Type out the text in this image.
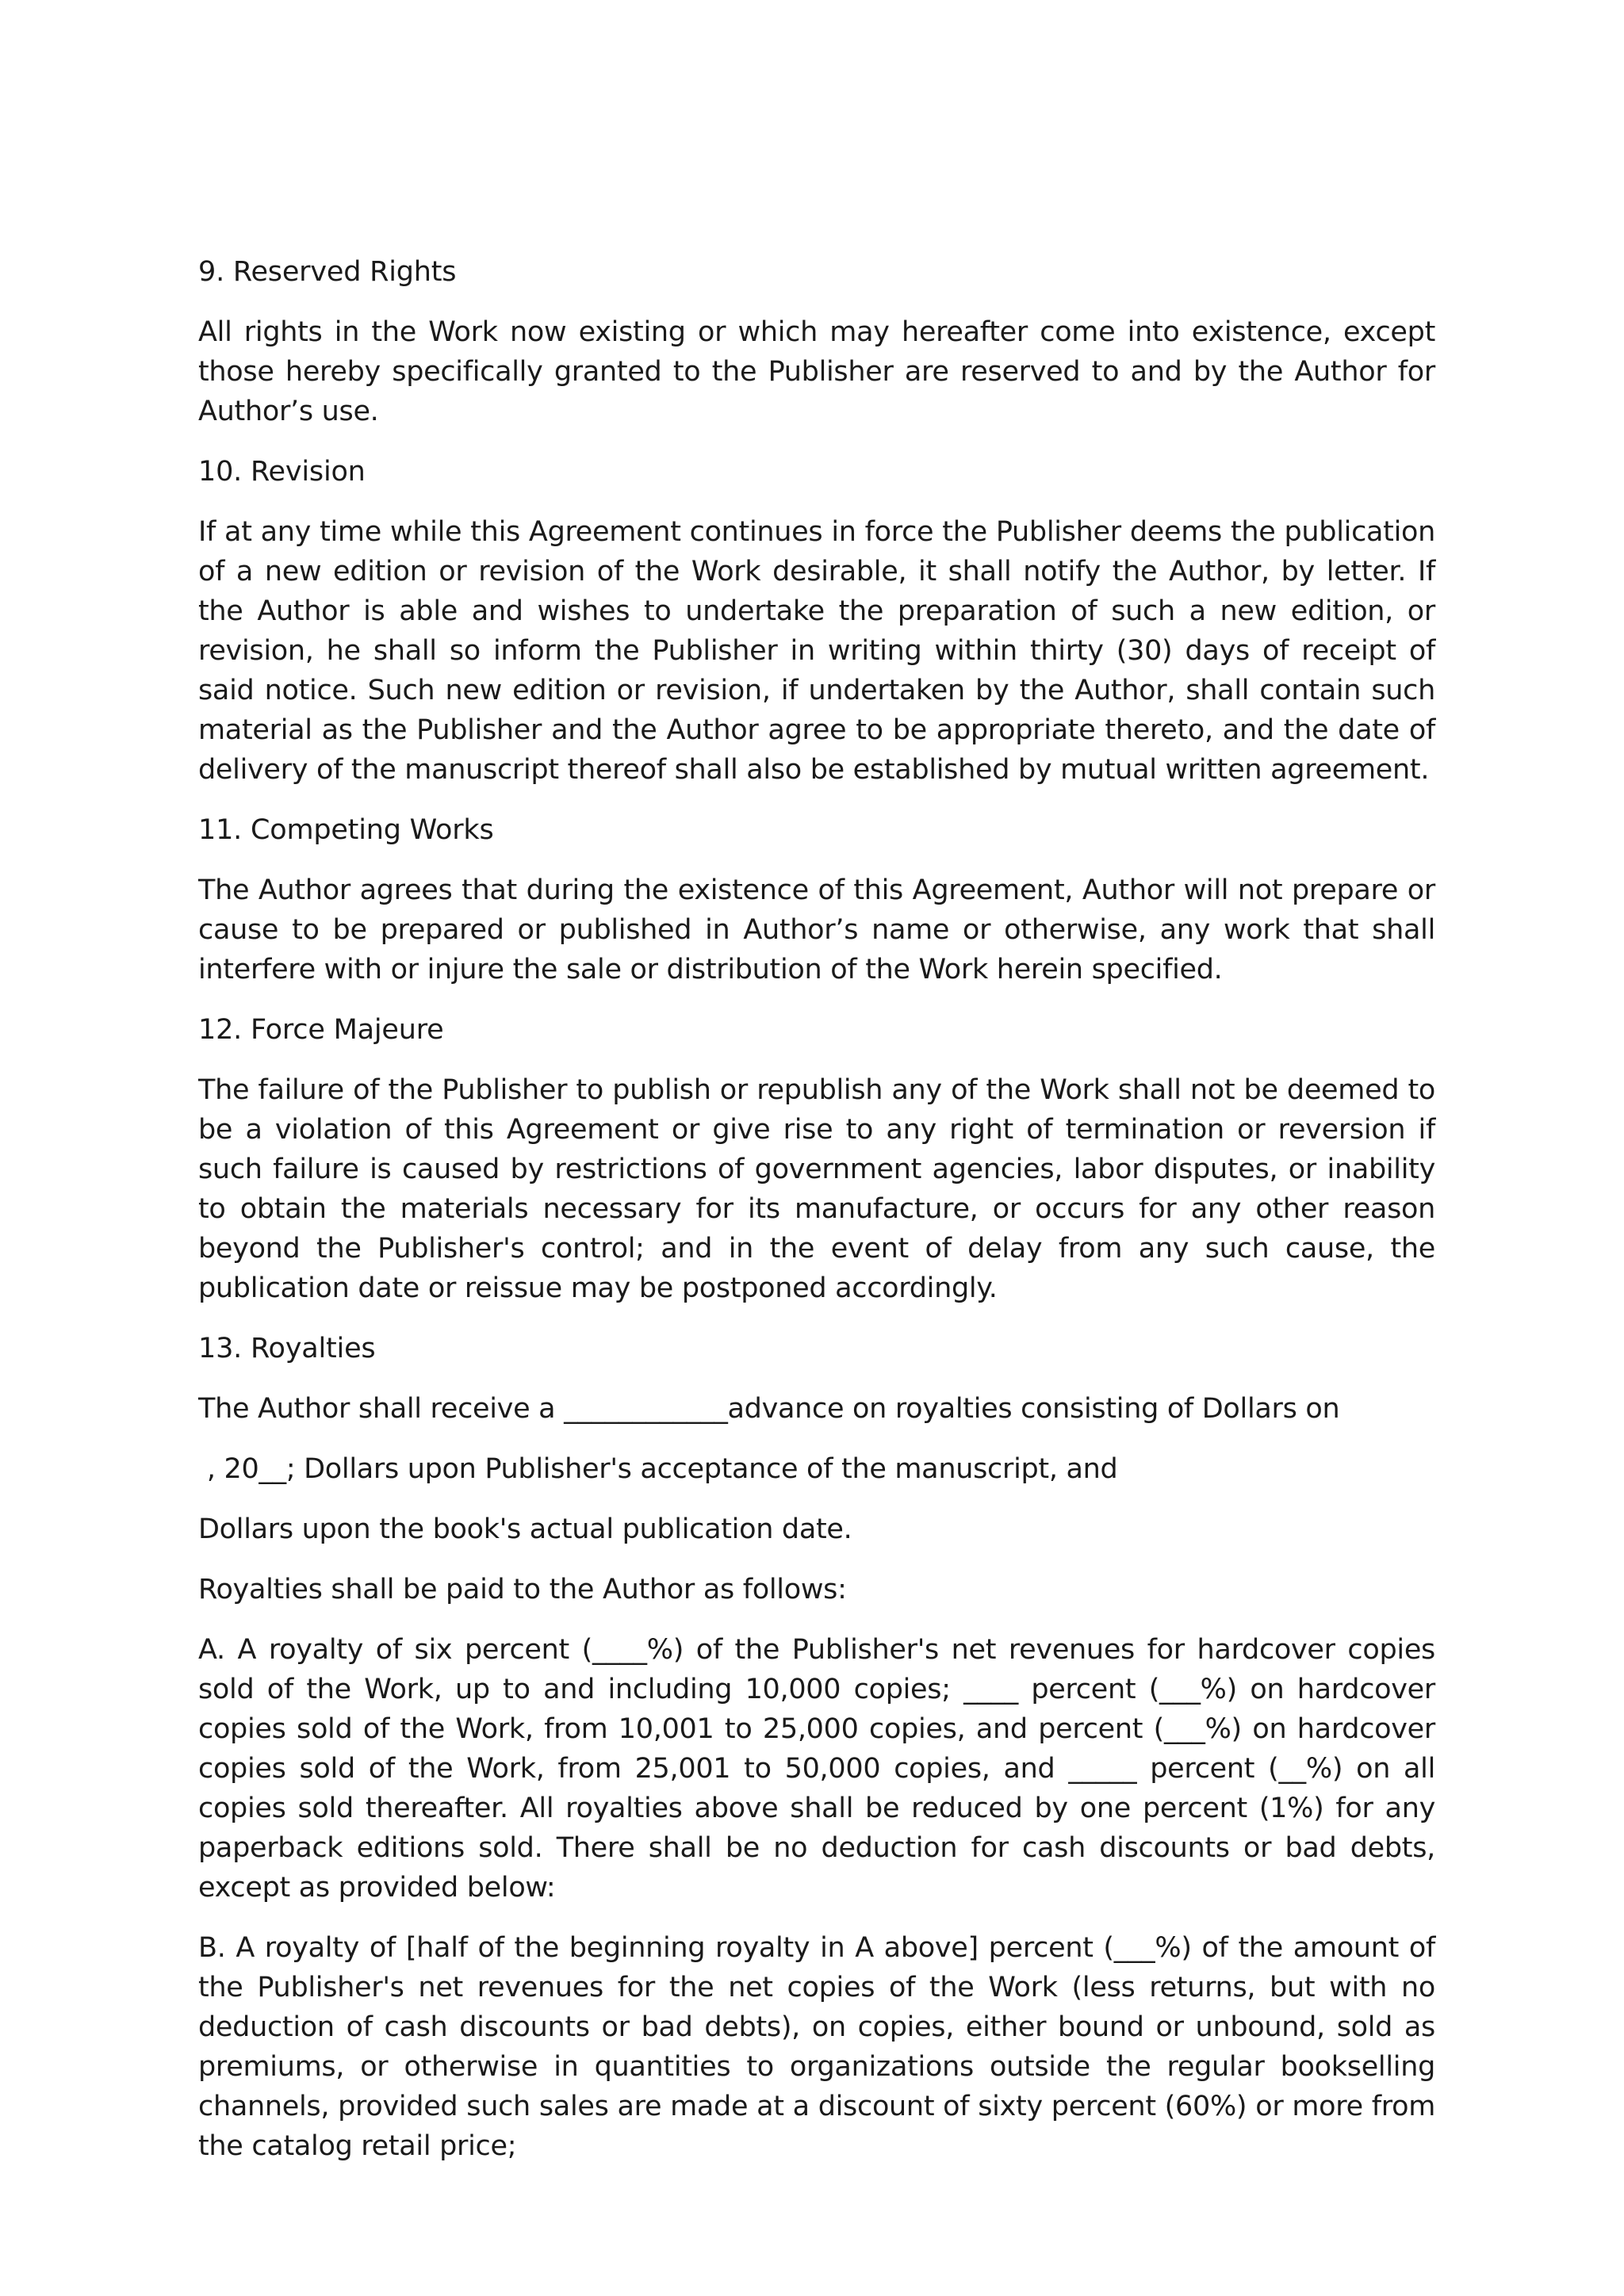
9. Reserved Rights
All rights in the Work now existing or which may hereafter come into existence, except those hereby specifically granted to the Publisher are reserved to and by the Author for Author’s use.
10. Revision
If at any time while this Agreement continues in force the Publisher deems the publication of a new edition or revision of the Work desirable, it shall notify the Author, by letter. If the Author is able and wishes to undertake the preparation of such a new edition, or revision, he shall so inform the Publisher in writing within thirty (30) days of receipt of said notice. Such new edition or revision, if undertaken by the Author, shall contain such material as the Publisher and the Author agree to be appropriate thereto, and the date of delivery of the manuscript thereof shall also be established by mutual written agreement.
11. Competing Works
The Author agrees that during the existence of this Agreement, Author will not prepare or cause to be prepared or published in Author’s name or otherwise, any work that shall interfere with or injure the sale or distribution of the Work herein specified.
12. Force Majeure
The failure of the Publisher to publish or republish any of the Work shall not be deemed to be a violation of this Agreement or give rise to any right of termination or reversion if such failure is caused by restrictions of government agencies, labor disputes, or inability to obtain the materials necessary for its manufacture, or occurs for any other reason beyond the Publisher's control; and in the event of delay from any such cause, the publication date or reissue may be postponed accordingly.
13. Royalties
The Author shall receive a ____________advance on royalties consisting of Dollars on
, 20__; Dollars upon Publisher's acceptance of the manuscript, and
Dollars upon the book's actual publication date.
Royalties shall be paid to the Author as follows:
A. A royalty of six percent (____%) of the Publisher's net revenues for hardcover copies sold of the Work, up to and including 10,000 copies; ____ percent (___%) on hardcover copies sold of the Work, from 10,001 to 25,000 copies, and percent (___%) on hardcover copies sold of the Work, from 25,001 to 50,000 copies, and _____ percent (__%) on all copies sold thereafter. All royalties above shall be reduced by one percent (1%) for any paperback editions sold. There shall be no deduction for cash discounts or bad debts, except as provided below:
B. A royalty of [half of the beginning royalty in A above] percent (___%) of the amount of the Publisher's net revenues for the net copies of the Work (less returns, but with no deduction of cash discounts or bad debts), on copies, either bound or unbound, sold as premiums, or otherwise in quantities to organizations outside the regular bookselling channels, provided such sales are made at a discount of sixty percent (60%) or more from the catalog retail price;
